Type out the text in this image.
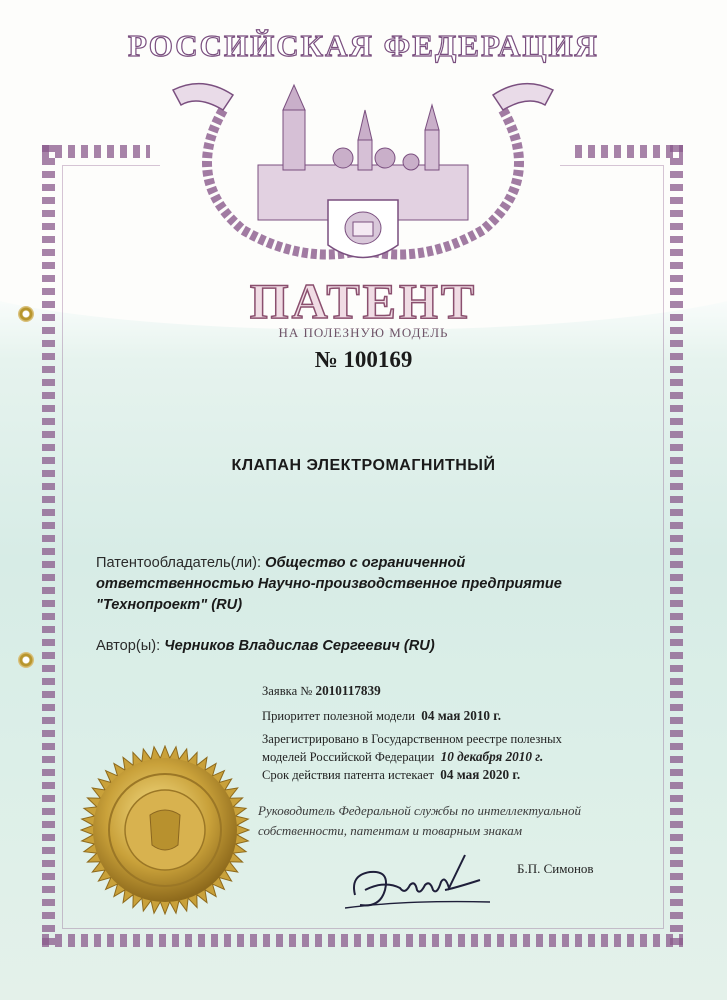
РОССИЙСКАЯ ФЕДЕРАЦИЯ
ПАТЕНТ
НА ПОЛЕЗНУЮ МОДЕЛЬ
№ 100169
КЛАПАН ЭЛЕКТРОМАГНИТНЫЙ
Патентообладатель(ли): Общество с ограниченной
ответственностью Научно-производственное предприятие
"Технопроект" (RU)
Автор(ы): Черников Владислав Сергеевич (RU)
Заявка № 2010117839
Приоритет полезной модели 04 мая 2010 г.
Зарегистрировано в Государственном реестре полезных
моделей Российской Федерации 10 декабря 2010 г.
Срок действия патента истекает 04 мая 2020 г.
Руководитель Федеральной службы по интеллектуальной
собственности, патентам и товарным знакам
Б.П. Симонов
